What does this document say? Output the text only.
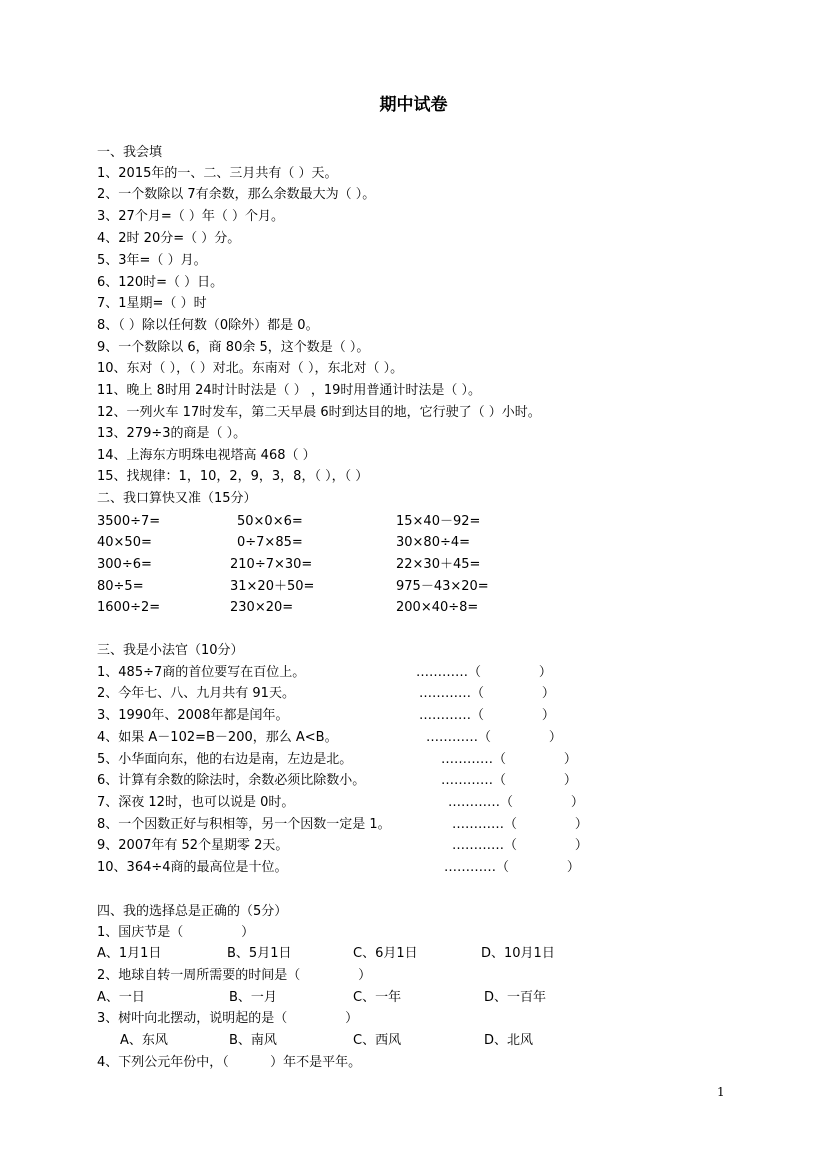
期中试卷
一、我会填
1、2015年的一、二、三月共有（ ）天。
2、一个数除以 7有余数，那么余数最大为（ ）。
3、27个月=（ ）年（ ）个月。
4、2时 20分=（ ）分。
5、3年=（ ）月。
6、120时=（ ）日。
7、1星期=（ ）时
8、（ ）除以任何数（0除外）都是 0。
9、一个数除以 6，商 80余 5，这个数是（ ）。
10、东对（ ），（ ）对北。东南对（ ），东北对（ ）。
11、晚上 8时用 24时计时法是（ ） ，19时用普通计时法是（ ）。
12、一列火车 17时发车，第二天早晨 6时到达目的地，它行驶了（ ）小时。
13、279÷3的商是（ ）。
14、上海东方明珠电视塔高 468（ ）
15、找规律：1，10，2，9，3，8，（ ），（ ）
二、我口算快又准（15分）
3500÷7=	50×0×6=	15×40－92=
40×50=	0÷7×85=	30×80÷4=
300÷6=	210÷7×30=	22×30＋45=
80÷5=	31×20＋50=	975－43×20=
1600÷2=	230×20=	200×40÷8=
三、我是小法官（10分）
1、485÷7商的首位要写在百位上。	…………（              ）
2、今年七、八、九月共有 91天。	…………（              ）
3、1990年、2008年都是闰年。	…………（              ）
4、如果 A－102=B－200，那么 A<B。	…………（              ）
5、小华面向东，他的右边是南，左边是北。	…………（              ）
6、计算有余数的除法时，余数必须比除数小。	…………（              ）
7、深夜 12时，也可以说是 0时。	…………（              ）
8、一个因数正好与积相等，另一个因数一定是 1。	…………（              ）
9、2007年有 52个星期零 2天。	…………（              ）
10、364÷4商的最高位是十位。	…………（              ）
四、我的选择总是正确的（5分）
1、国庆节是（              ）
A、1月1日	B、5月1日	C、6月1日	D、10月1日
2、地球自转一周所需要的时间是（              ）
A、一日	B、一月	C、一年	D、一百年
3、树叶向北摆动，说明起的是（              ）
A、东风	B、南风	C、西风	D、北风
4、下列公元年份中，（          ）年不是平年。
1
